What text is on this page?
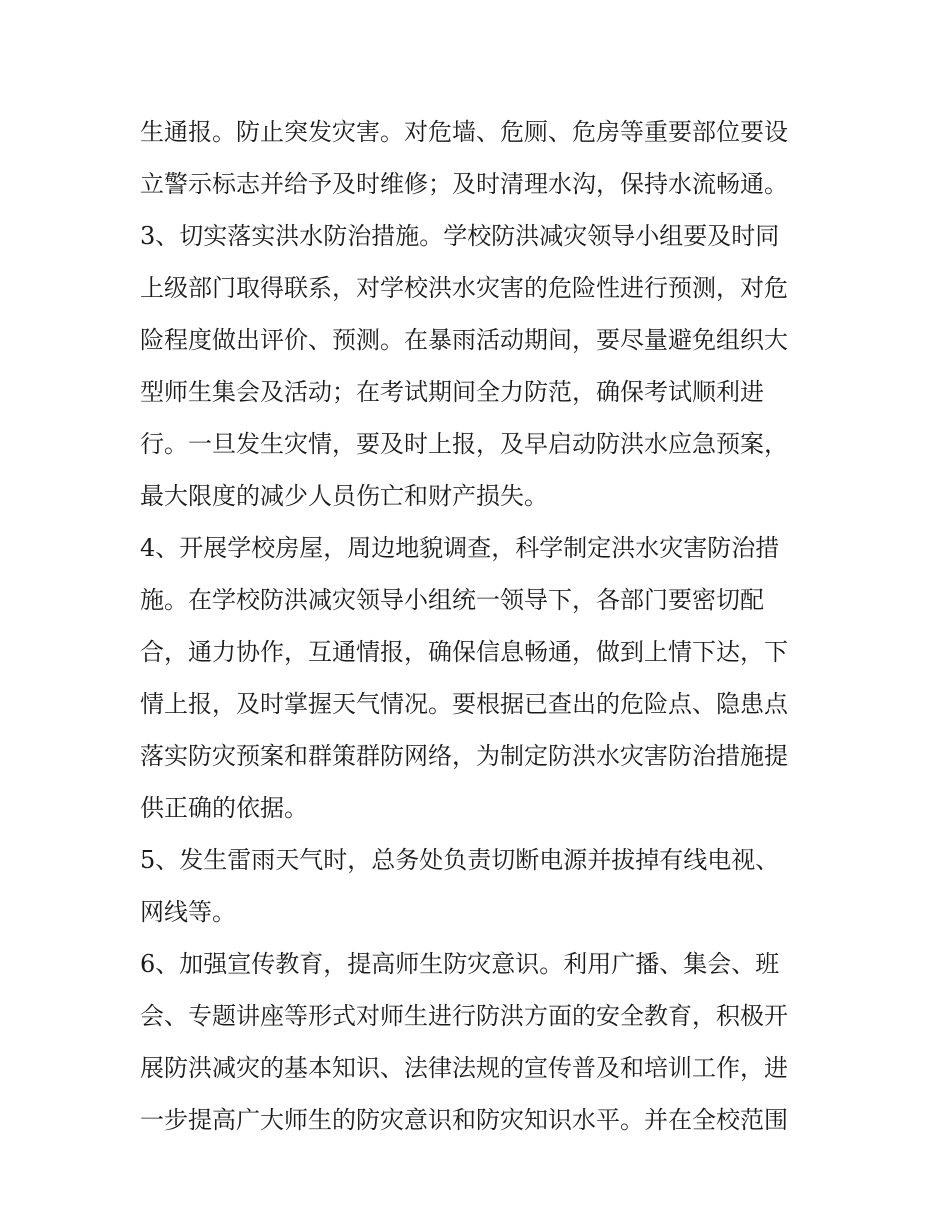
生通报。防止突发灾害。对危墙、危厕、危房等重要部位要设
立警示标志并给予及时维修；及时清理水沟，保持水流畅通。
3、切实落实洪水防治措施。学校防洪减灾领导小组要及时同
上级部门取得联系，对学校洪水灾害的危险性进行预测，对危
险程度做出评价、预测。在暴雨活动期间，要尽量避免组织大
型师生集会及活动；在考试期间全力防范，确保考试顺利进
行。一旦发生灾情，要及时上报，及早启动防洪水应急预案，
最大限度的减少人员伤亡和财产损失。
4、开展学校房屋，周边地貌调查，科学制定洪水灾害防治措
施。在学校防洪减灾领导小组统一领导下，各部门要密切配
合，通力协作，互通情报，确保信息畅通，做到上情下达，下
情上报，及时掌握天气情况。要根据已查出的危险点、隐患点
落实防灾预案和群策群防网络，为制定防洪水灾害防治措施提
供正确的依据。
5、发生雷雨天气时，总务处负责切断电源并拔掉有线电视、
网线等。
6、加强宣传教育，提高师生防灾意识。利用广播、集会、班
会、专题讲座等形式对师生进行防洪方面的安全教育，积极开
展防洪减灾的基本知识、法律法规的宣传普及和培训工作，进
一步提高广大师生的防灾意识和防灾知识水平。并在全校范围
